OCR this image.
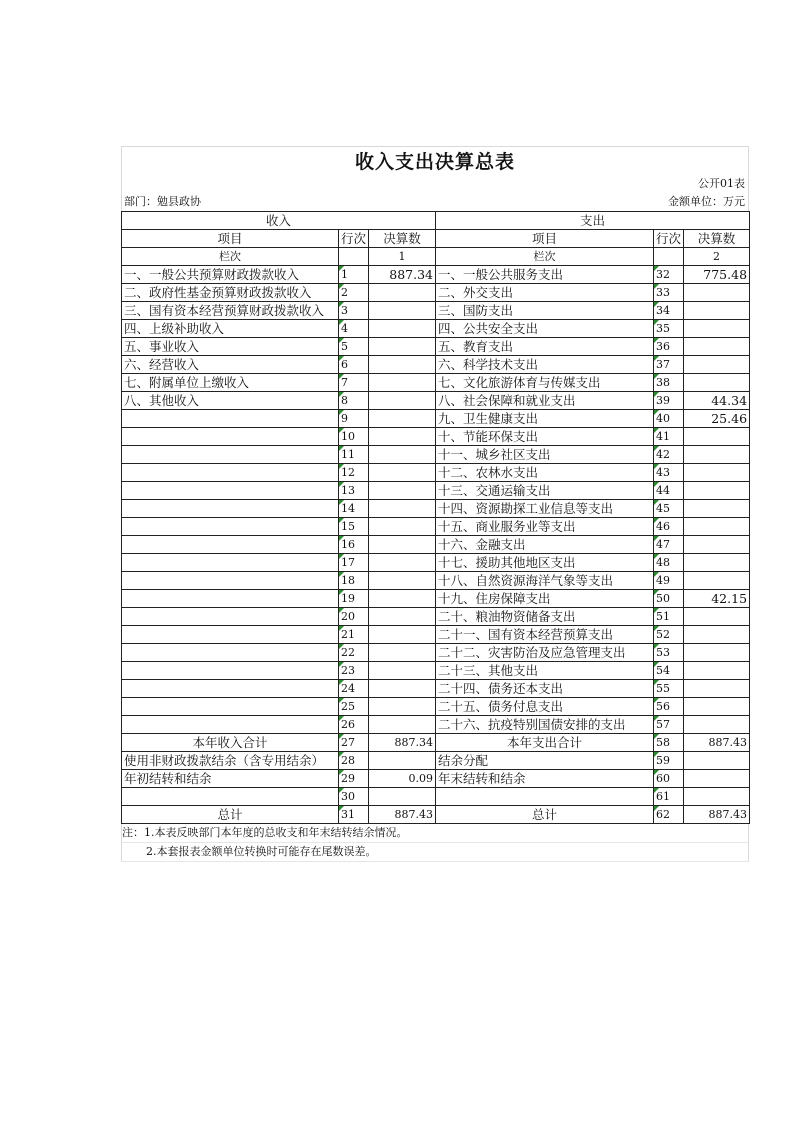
收入支出决算总表
公开01表
部门：勉县政协	金额单位：万元
收入			支出		
项目	行次	决算数	项目	行次	决算数
栏次		1	栏次		2
一、一般公共预算财政拨款收入	1	887.34	一、一般公共服务支出	32	775.48
二、政府性基金预算财政拨款收入	2		二、外交支出	33	
三、国有资本经营预算财政拨款收入	3		三、国防支出	34	
四、上级补助收入	4		四、公共安全支出	35	
五、事业收入	5		五、教育支出	36	
六、经营收入	6		六、科学技术支出	37	
七、附属单位上缴收入	7		七、文化旅游体育与传媒支出	38	
八、其他收入	8		八、社会保障和就业支出	39	44.34
	9		九、卫生健康支出	40	25.46
	10		十、节能环保支出	41	
	11		十一、城乡社区支出	42	
	12		十二、农林水支出	43	
	13		十三、交通运输支出	44	
	14		十四、资源勘探工业信息等支出	45	
	15		十五、商业服务业等支出	46	
	16		十六、金融支出	47	
	17		十七、援助其他地区支出	48	
	18		十八、自然资源海洋气象等支出	49	
	19		十九、住房保障支出	50	42.15
	20		二十、粮油物资储备支出	51	
	21		二十一、国有资本经营预算支出	52	
	22		二十二、灾害防治及应急管理支出	53	
	23		二十三、其他支出	54	
	24		二十四、债务还本支出	55	
	25		二十五、债务付息支出	56	
	26		二十六、抗疫特别国债安排的支出	57	
本年收入合计	27	887.34	本年支出合计	58	887.43
使用非财政拨款结余（含专用结余）	28		结余分配	59	
年初结转和结余	29	0.09	年末结转和结余	60	
	30			61	
总计	31	887.43	总计	62	887.43
注：1.本表反映部门本年度的总收支和年末结转结余情况。
2.本套报表金额单位转换时可能存在尾数误差。
